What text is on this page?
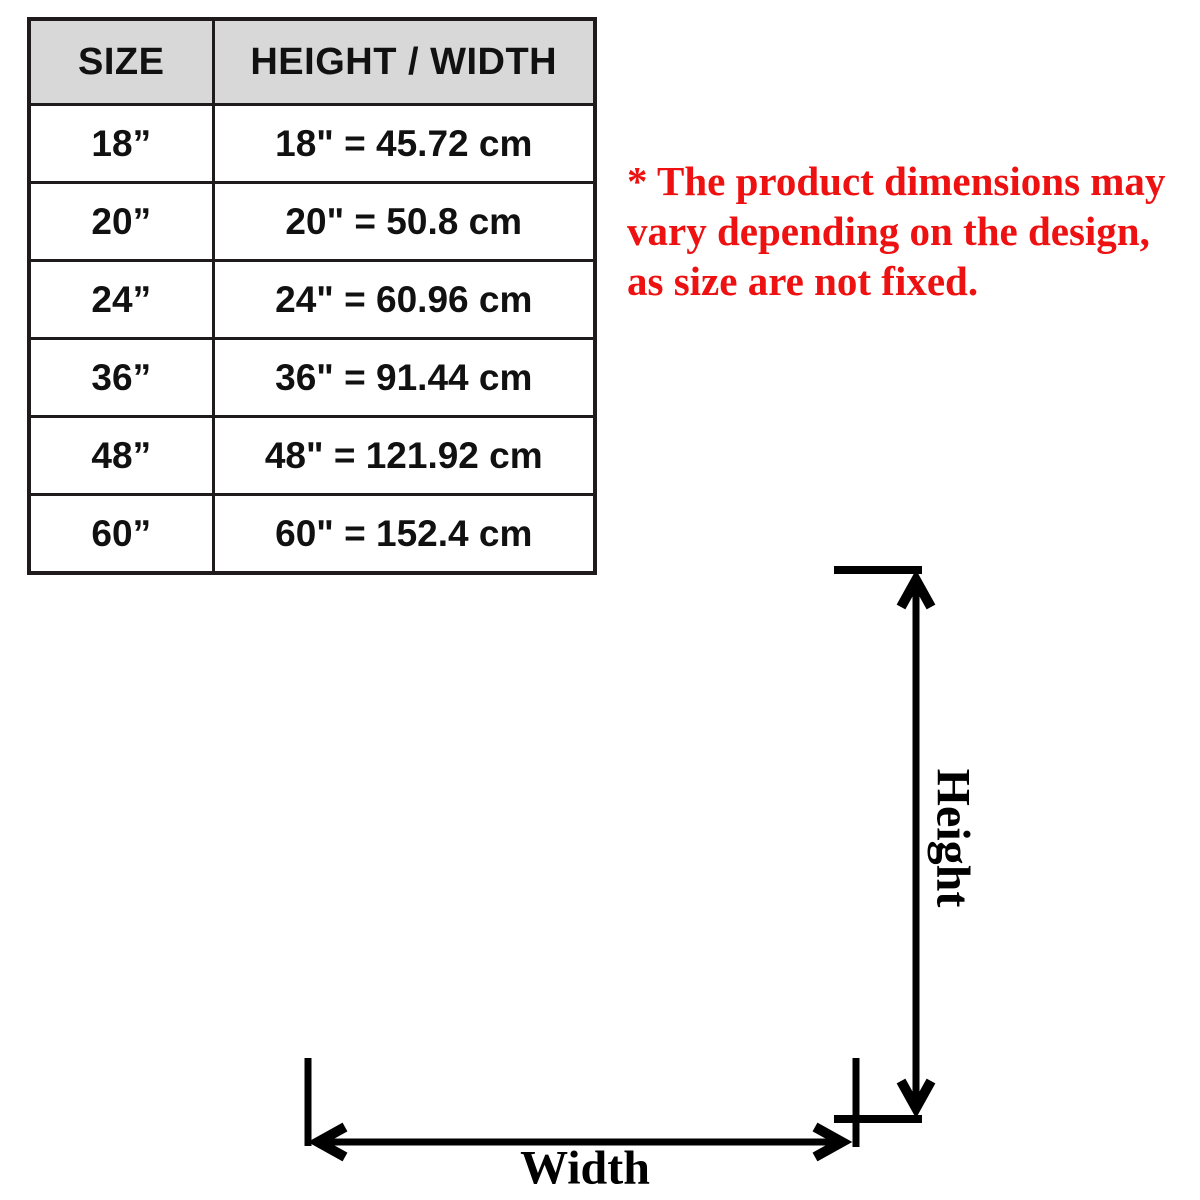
SIZE	HEIGHT / WIDTH
18”	18" = 45.72 cm
20”	20" = 50.8 cm
24”	24" = 60.96 cm
36”	36" = 91.44 cm
48”	48" = 121.92 cm
60”	60" = 152.4 cm
* The product dimensions may
vary depending on the design,
as size are not fixed.
Height
Width
